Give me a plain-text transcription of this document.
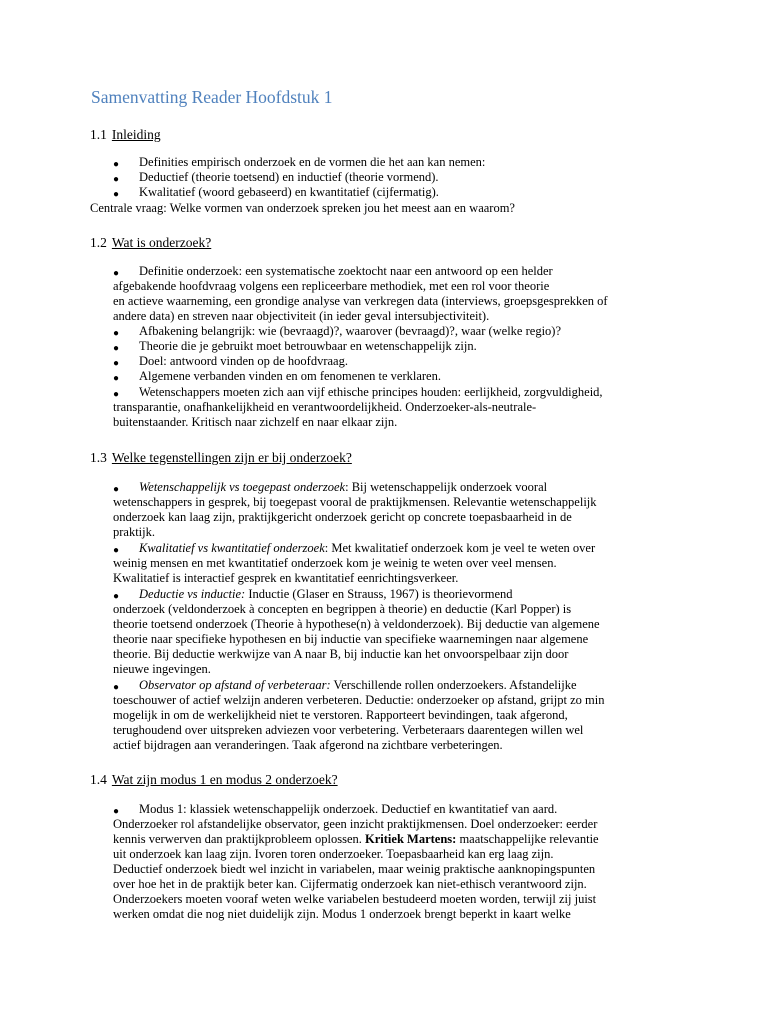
Samenvatting Reader Hoofdstuk 1
1.1 Inleiding
● Definities empirisch onderzoek en de vormen die het aan kan nemen:
● Deductief (theorie toetsend) en inductief (theorie vormend).
● Kwalitatief (woord gebaseerd) en kwantitatief (cijfermatig).
Centrale vraag: Welke vormen van onderzoek spreken jou het meest aan en waarom?
1.2 Wat is onderzoek?
● Definitie onderzoek: een systematische zoektocht naar een antwoord op een helder
afgebakende hoofdvraag volgens een repliceerbare methodiek, met een rol voor theorie
en actieve waarneming, een grondige analyse van verkregen data (interviews, groepsgesprekken of
andere data) en streven naar objectiviteit (in ieder geval intersubjectiviteit).
● Afbakening belangrijk: wie (bevraagd)?, waarover (bevraagd)?, waar (welke regio)?
● Theorie die je gebruikt moet betrouwbaar en wetenschappelijk zijn.
● Doel: antwoord vinden op de hoofdvraag.
● Algemene verbanden vinden en om fenomenen te verklaren.
● Wetenschappers moeten zich aan vijf ethische principes houden: eerlijkheid, zorgvuldigheid,
transparantie, onafhankelijkheid en verantwoordelijkheid. Onderzoeker-als-neutrale-
buitenstaander. Kritisch naar zichzelf en naar elkaar zijn.
1.3 Welke tegenstellingen zijn er bij onderzoek?
● Wetenschappelijk vs toegepast onderzoek: Bij wetenschappelijk onderzoek vooral
wetenschappers in gesprek, bij toegepast vooral de praktijkmensen. Relevantie wetenschappelijk
onderzoek kan laag zijn, praktijkgericht onderzoek gericht op concrete toepasbaarheid in de
praktijk.
● Kwalitatief vs kwantitatief onderzoek: Met kwalitatief onderzoek kom je veel te weten over
weinig mensen en met kwantitatief onderzoek kom je weinig te weten over veel mensen.
Kwalitatief is interactief gesprek en kwantitatief eenrichtingsverkeer.
● Deductie vs inductie: Inductie (Glaser en Strauss, 1967) is theorievormend
onderzoek (veldonderzoek à concepten en begrippen à theorie) en deductie (Karl Popper) is
theorie toetsend onderzoek (Theorie à hypothese(n) à veldonderzoek). Bij deductie van algemene
theorie naar specifieke hypothesen en bij inductie van specifieke waarnemingen naar algemene
theorie. Bij deductie werkwijze van A naar B, bij inductie kan het onvoorspelbaar zijn door
nieuwe ingevingen.
● Observator op afstand of verbeteraar: Verschillende rollen onderzoekers. Afstandelijke
toeschouwer of actief welzijn anderen verbeteren. Deductie: onderzoeker op afstand, grijpt zo min
mogelijk in om de werkelijkheid niet te verstoren. Rapporteert bevindingen, taak afgerond,
terughoudend over uitspreken adviezen voor verbetering. Verbeteraars daarentegen willen wel
actief bijdragen aan veranderingen. Taak afgerond na zichtbare verbeteringen.
1.4 Wat zijn modus 1 en modus 2 onderzoek?
● Modus 1: klassiek wetenschappelijk onderzoek. Deductief en kwantitatief van aard.
Onderzoeker rol afstandelijke observator, geen inzicht praktijkmensen. Doel onderzoeker: eerder
kennis verwerven dan praktijkprobleem oplossen. Kritiek Martens: maatschappelijke relevantie
uit onderzoek kan laag zijn. Ivoren toren onderzoeker. Toepasbaarheid kan erg laag zijn.
Deductief onderzoek biedt wel inzicht in variabelen, maar weinig praktische aanknopingspunten
over hoe het in de praktijk beter kan. Cijfermatig onderzoek kan niet-ethisch verantwoord zijn.
Onderzoekers moeten vooraf weten welke variabelen bestudeerd moeten worden, terwijl zij juist
werken omdat die nog niet duidelijk zijn. Modus 1 onderzoek brengt beperkt in kaart welke
